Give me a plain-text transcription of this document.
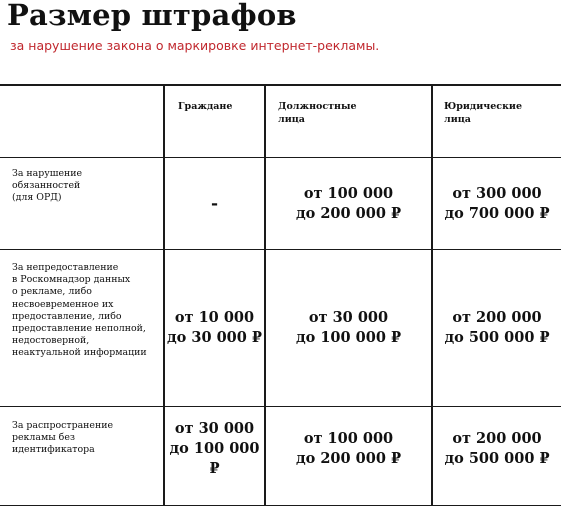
Размер штрафов
за нарушение закона о маркировке интернет-рекламы.
Граждане	Должностные
лица
Юридические
лица
За нарушение
обязанностей
(для ОРД)	-
от 100 000
до 200 000 ₽
от 300 000
до 700 000 ₽
За непредоставление
в Роскомнадзор данных
о рекламе, либо
несвоевременное их
предоставление, либо
предоставление неполной,
недостоверной,
неактуальной информации
от 10 000
до 30 000 ₽
от 30 000
до 100 000 ₽
от 200 000
до 500 000 ₽
За распространение
рекламы без
идентификатора
от 30 000
до 100 000 ₽
от 100 000
до 200 000 ₽
от 200 000
до 500 000 ₽
